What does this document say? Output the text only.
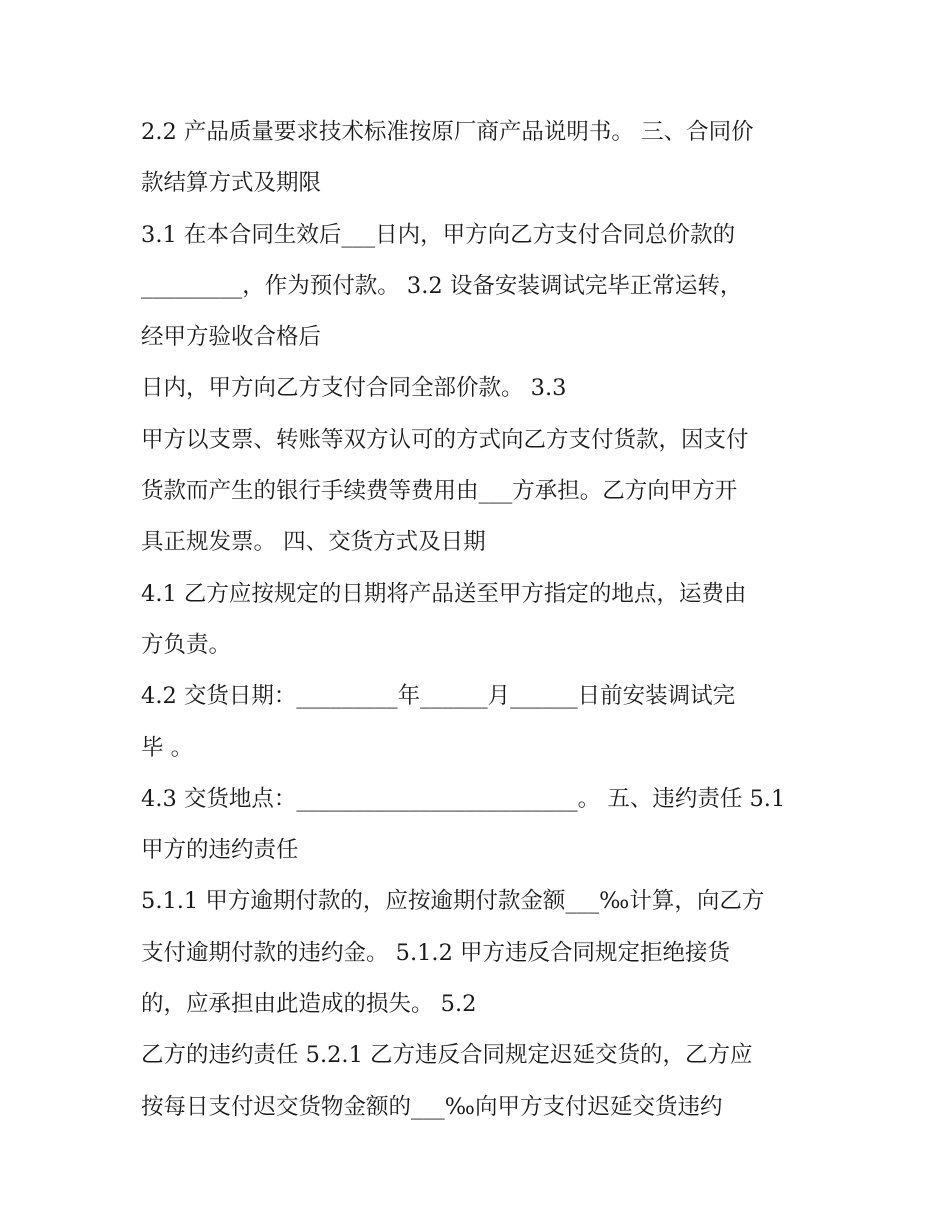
2.2 产品质量要求技术标准按原厂商产品说明书。 三、合同价

款结算方式及期限

3.1 在本合同生效后___日内，甲方向乙方支付合同总价款的

_________，作为预付款。 3.2 设备安装调试完毕正常运转，

经甲方验收合格后

日内，甲方向乙方支付合同全部价款。 3.3

甲方以支票、转账等双方认可的方式向乙方支付货款，因支付

货款而产生的银行手续费等费用由___方承担。乙方向甲方开

具正规发票。 四、交货方式及日期

4.1 乙方应按规定的日期将产品送至甲方指定的地点，运费由

方负责。

4.2 交货日期：_________年______月______日前安装调试完

毕 。

4.3 交货地点：_________________________。 五、违约责任 5.1

甲方的违约责任

5.1.1 甲方逾期付款的，应按逾期付款金额___‰计算，向乙方

支付逾期付款的违约金。 5.1.2 甲方违反合同规定拒绝接货

的，应承担由此造成的损失。 5.2

乙方的违约责任 5.2.1 乙方违反合同规定迟延交货的，乙方应

按每日支付迟交货物金额的___‰向甲方支付迟延交货违约
